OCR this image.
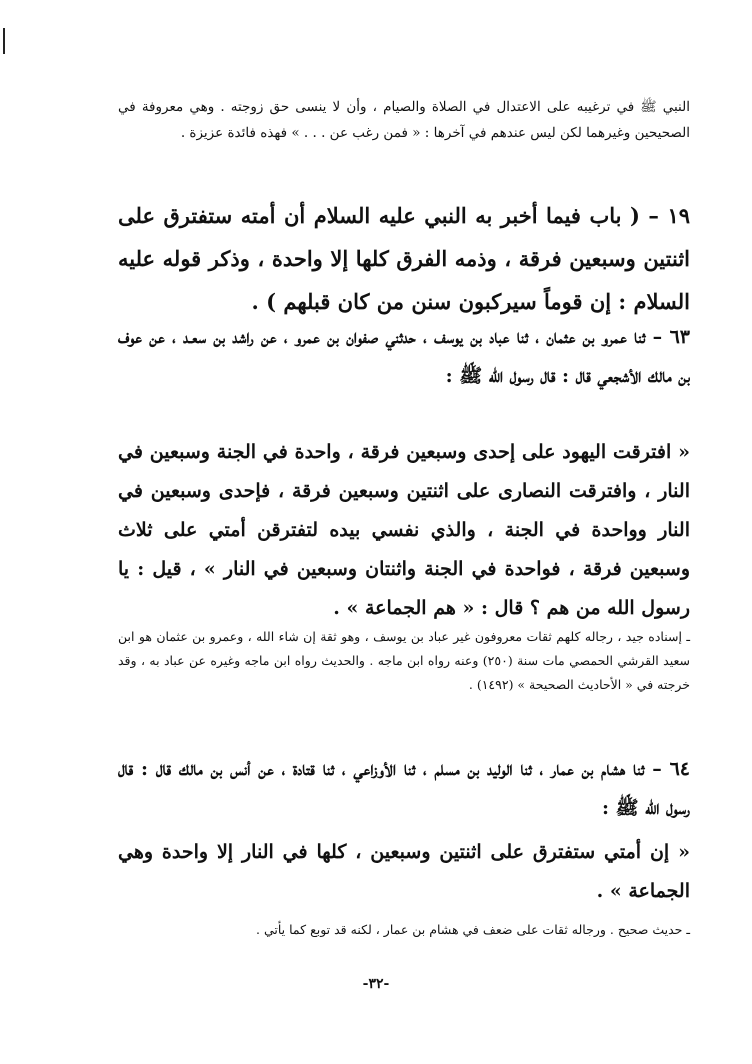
النبي ﷺ في ترغيبه على الاعتدال في الصلاة والصيام ، وأن لا ينسى حق زوجته . وهي معروفة في الصحيحين وغيرهما لكن ليس عندهم في آخرها : « فمن رغب عن . . . » فهذه فائدة عزيزة .
١٩ – ( باب فيما أخبر به النبي عليه السلام أن أمته ستفترق على اثنتين وسبعين فرقة ، وذمه الفرق كلها إلا واحدة ، وذكر قوله عليه السلام : إن قوماً سيركبون سنن من كان قبلهم ) .
٦٣ – ثنا عمرو بن عثمان ، ثنا عباد بن يوسف ، حدثني صفوان بن عمرو ، عن راشد بن سعـد ، عن عوف بن مالك الأشجعي قال : قال رسول الله ﷺ :
« افترقت اليهود على إحدى وسبعين فرقة ، واحدة في الجنة وسبعين في النار ، وافترقت النصارى على اثنتين وسبعين فرقة ، فإحدى وسبعين في النار وواحدة في الجنة ، والذي نفسي بيده لتفترقن أمتي على ثلاث وسبعين فرقة ، فواحدة في الجنة واثنتان وسبعين في النار » ، قيل : يا رسول الله من هم ؟ قال : « هم الجماعة » .
ـ إسناده جيد ، رجاله كلهم ثقات معروفون غير عباد بن يوسف ، وهو ثقة إن شاء الله ، وعمرو بن عثمان هو ابن سعيد القرشي الحمصي مات سنة (٢٥٠) وعنه رواه ابن ماجه . والحديث رواه ابن ماجه وغيره عن عباد به ، وقد خرجته في « الأحاديث الصحيحة » (١٤٩٢) .
٦٤ – ثنا هشام بن عمار ، ثنا الوليد بن مسلم ، ثنا الأوزاعي ، ثنا قتادة ، عن أنس بن مالك قال : قال رسول الله ﷺ :
« إن أمتي ستفترق على اثنتين وسبعين ، كلها في النار إلا واحدة وهي الجماعة » .
ـ حديث صحيح . ورجاله ثقات على ضعف في هشام بن عمار ، لكنه قد توبع كما يأتي .
-٣٢-
